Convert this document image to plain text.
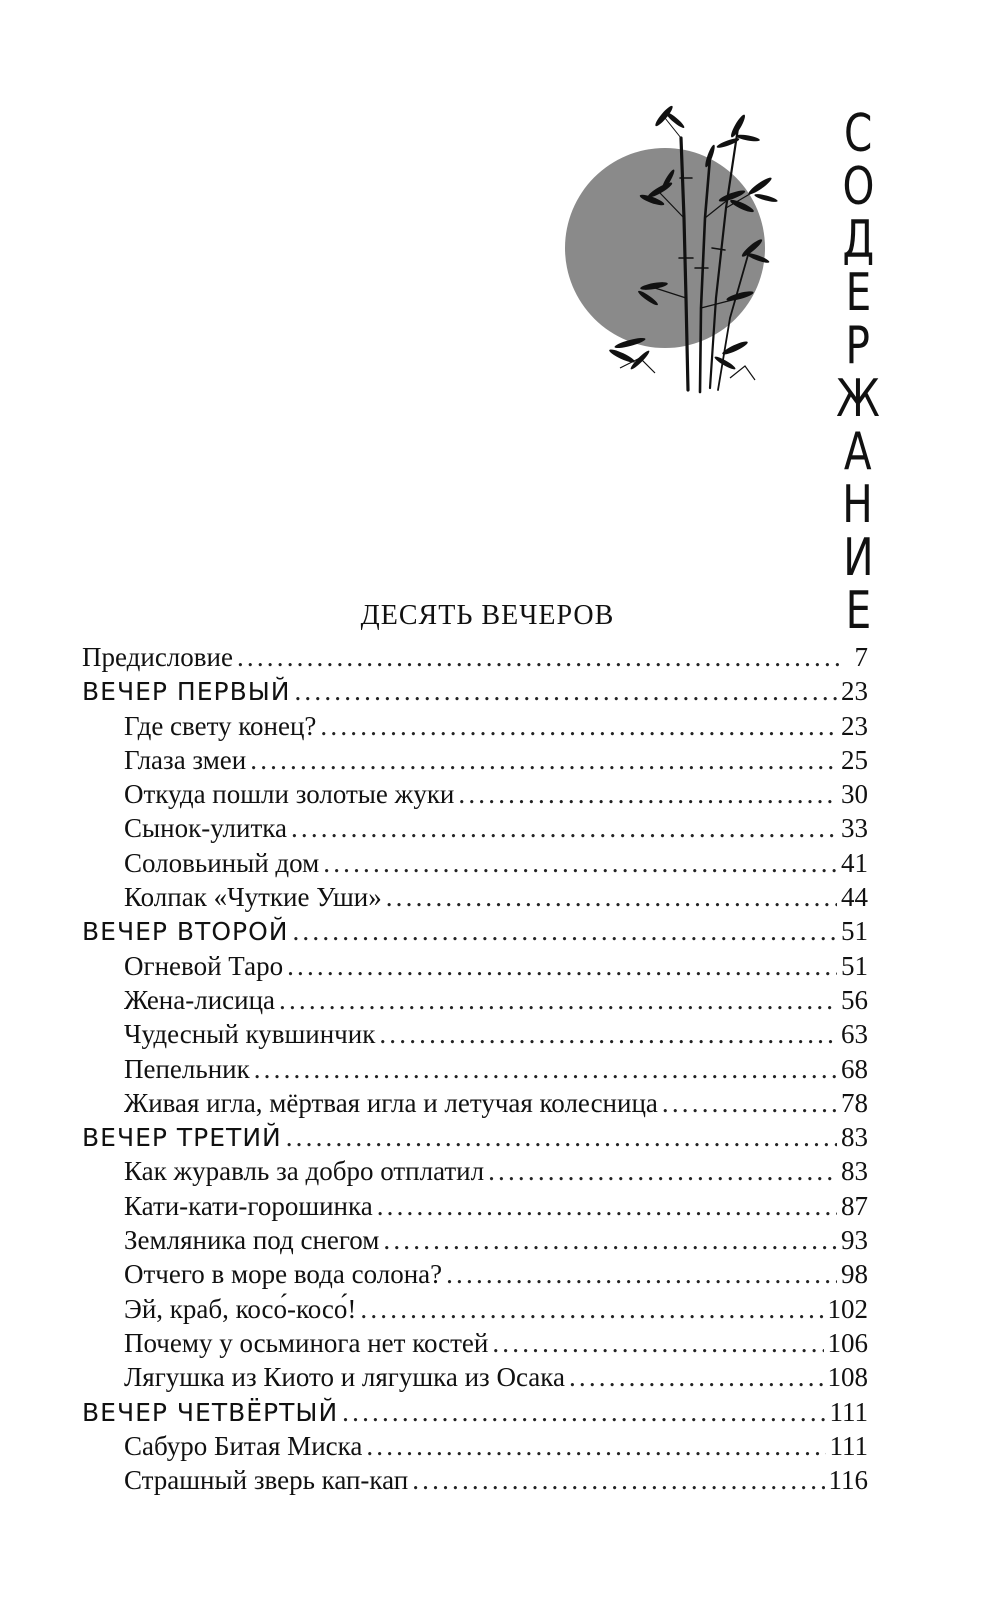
С
О
Д
Е
Р
Ж
А
Н
И
Е
ДЕСЯТЬ ВЕЧЕРОВ
Предисловие .....	7
ВЕЧЕР ПЕРВЫЙ .....	23
Где свету конец? .....	23
Глаза змеи .....	25
Откуда пошли золотые жуки .....	30
Сынок-улитка .....	33
Соловьиный дом .....	41
Колпак «Чуткие Уши» .....	44
ВЕЧЕР ВТОРОЙ .....	51
Огневой Таро .....	51
Жена-лисица .....	56
Чудесный кувшинчик .....	63
Пепельник .....	68
Живая игла, мёртвая игла и летучая колесница .....	78
ВЕЧЕР ТРЕТИЙ .....	83
Как журавль за добро отплатил .....	83
Кати-кати-горошинка .....	87
Земляника под снегом .....	93
Отчего в море вода солона? .....	98
Эй, краб, косо́-косо́! .....	102
Почему у осьминога нет костей .....	106
Лягушка из Киото и лягушка из Осака .....	108
ВЕЧЕР ЧЕТВЁРТЫЙ .....	111
Сабуро Битая Миска .....	111
Страшный зверь кап-кап .....	116
